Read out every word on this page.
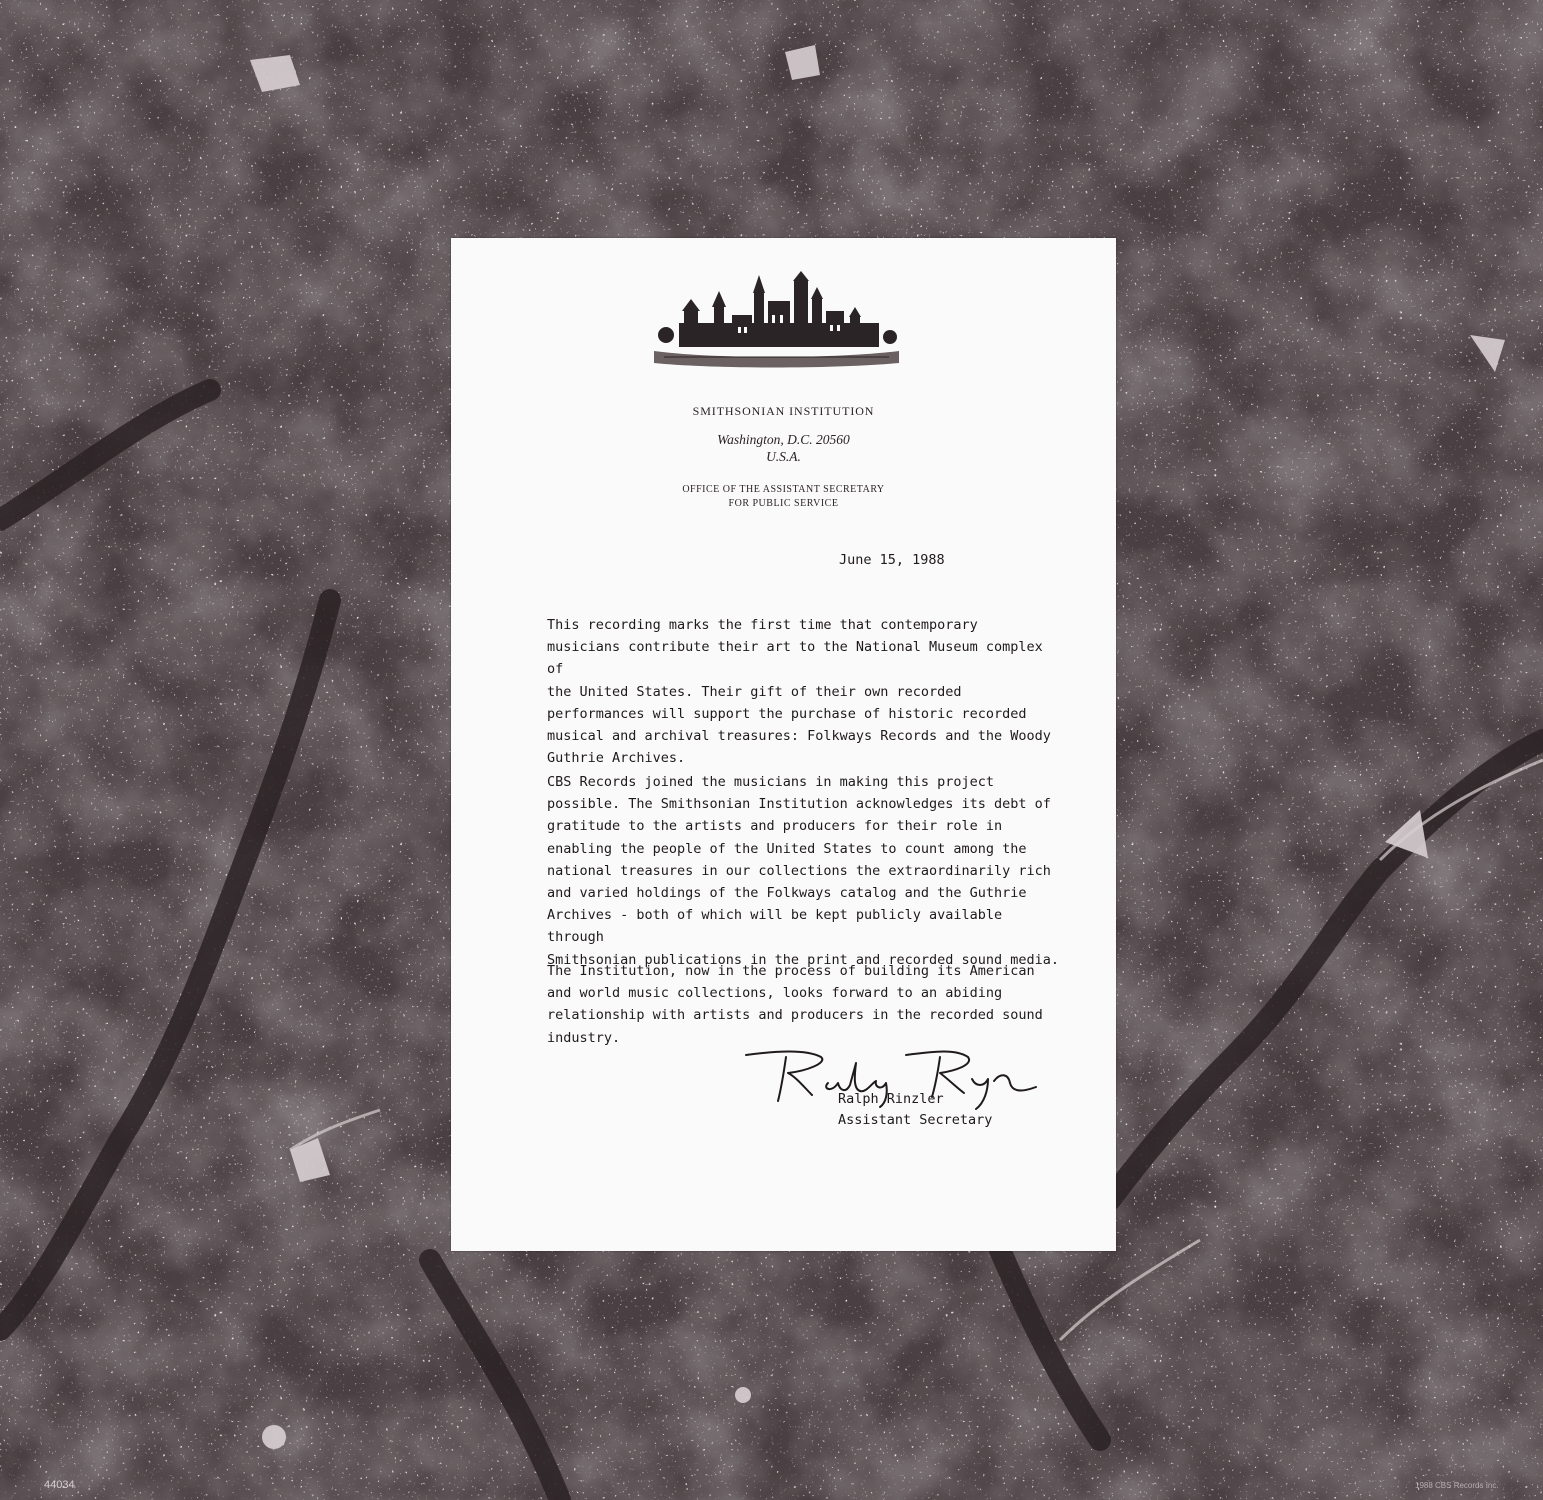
SMITHSONIAN INSTITUTION
Washington, D.C. 20560
U.S.A.
OFFICE OF THE ASSISTANT SECRETARY
FOR PUBLIC SERVICE
June 15, 1988

This recording marks the first time that contemporary
musicians contribute their art to the National Museum complex of
the United States. Their gift of their own recorded
performances will support the purchase of historic recorded
musical and archival treasures: Folkways Records and the Woody
Guthrie Archives.

CBS Records joined the musicians in making this project
possible. The Smithsonian Institution acknowledges its debt of
gratitude to the artists and producers for their role in
enabling the people of the United States to count among the
national treasures in our collections the extraordinarily rich
and varied holdings of the Folkways catalog and the Guthrie
Archives - both of which will be kept publicly available through
Smithsonian publications in the print and recorded sound media.

The Institution, now in the process of building its American
and world music collections, looks forward to an abiding
relationship with artists and producers in the recorded sound
industry.

Ralph Rinzler
Assistant Secretary
44034	1988 CBS Records Inc.
